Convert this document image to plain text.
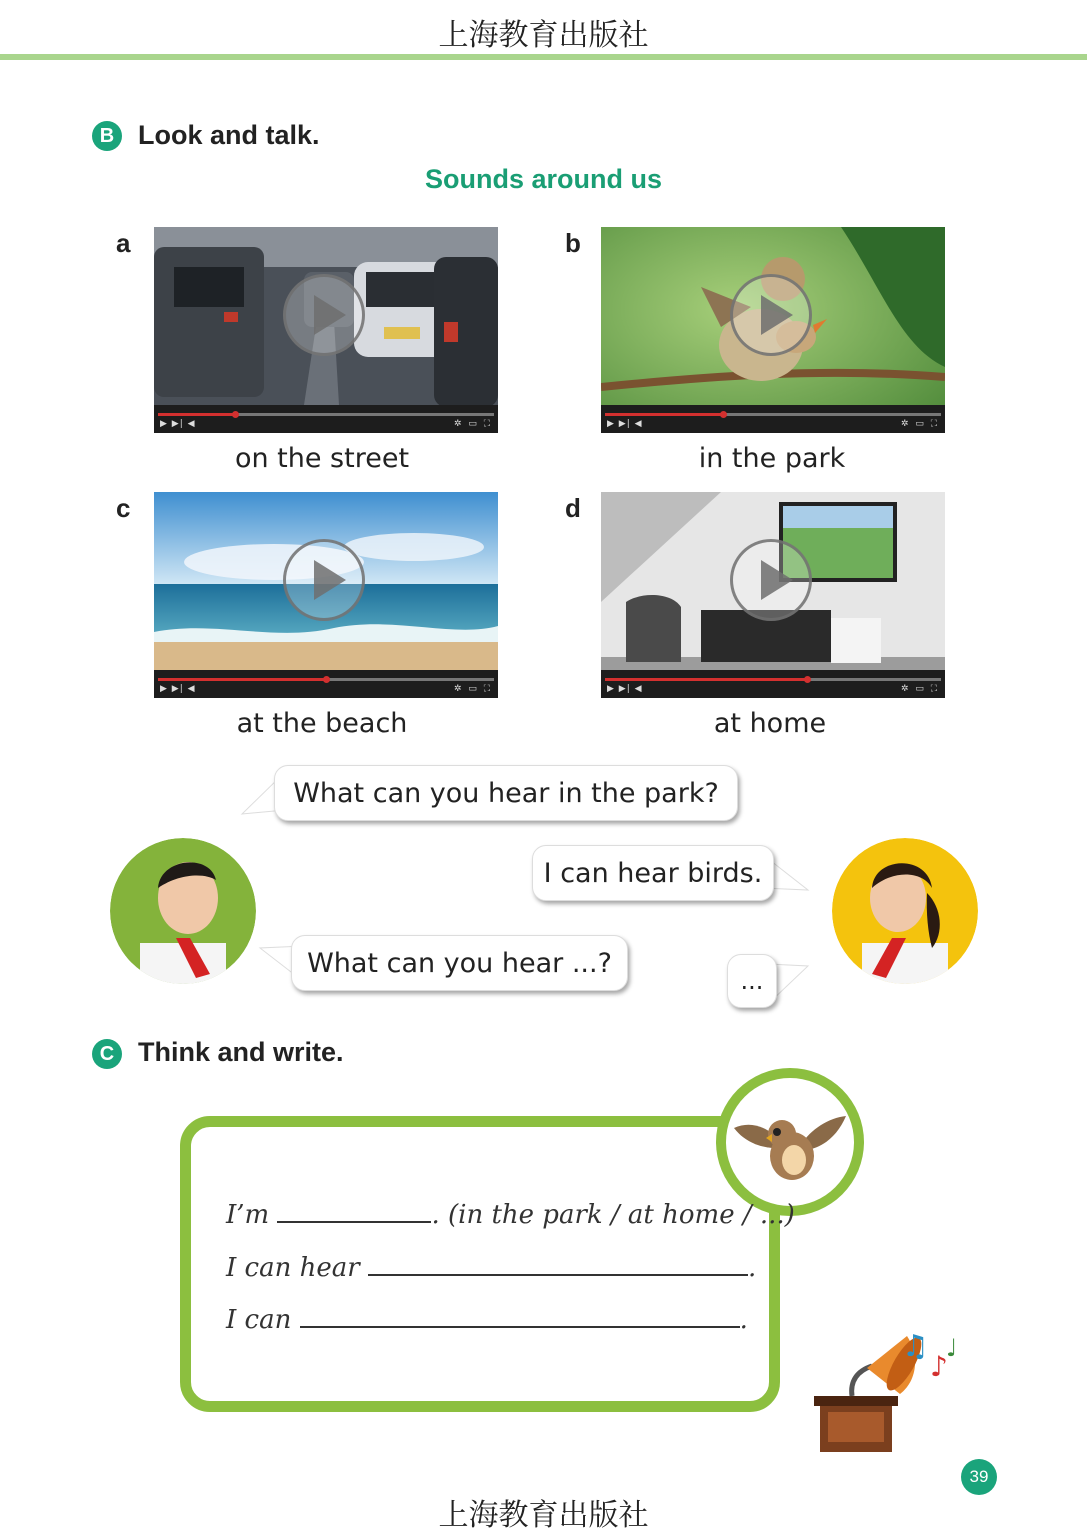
上海教育出版社
B Look and talk.
Sounds around us
a
▶ ▶| ◀	✲ ▭ ⛶
on the street
b
▶ ▶| ◀	✲ ▭ ⛶
in the park
c
▶ ▶| ◀	✲ ▭ ⛶
at the beach
d
▶ ▶| ◀	✲ ▭ ⛶
at home
What can you hear in the park?
I can hear birds.
What can you hear ...?
...
C Think and write.
I’m	. (in the park / at home / ...)
I can hear	.
I can	.
♫
♪
♩
39
上海教育出版社
